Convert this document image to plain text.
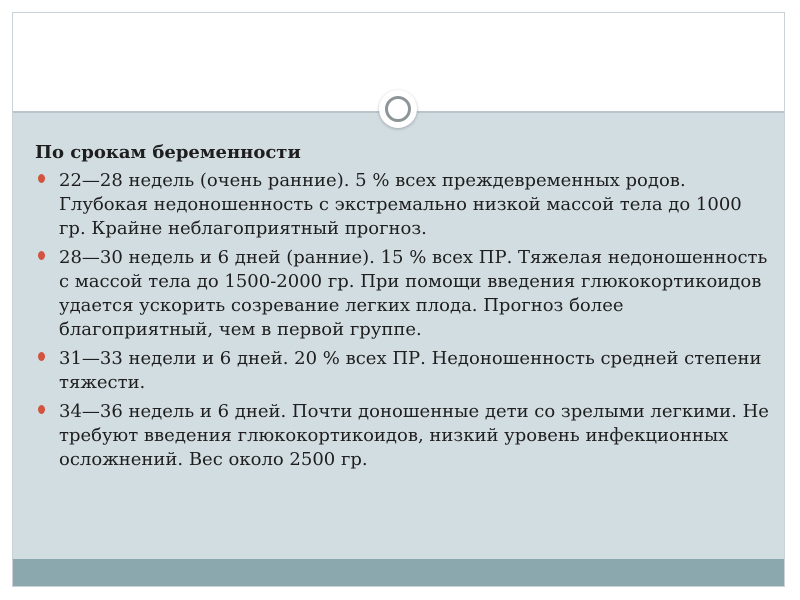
По срокам беременности
22—28 недель (очень ранние). 5 % всех преждевременных родов. Глубокая недоношенность с экстремально низкой массой тела до 1000 гр. Крайне неблагоприятный прогноз.
28—30 недель и 6 дней (ранние). 15 % всех ПР. Тяжелая недоношенность с массой тела до 1500-2000 гр. При помощи введения глюкокортикоидов удается ускорить созревание легких плода. Прогноз более благоприятный, чем в первой группе.
31—33 недели и 6 дней. 20 % всех ПР. Недоношенность средней степени тяжести.
34—36 недель и 6 дней. Почти доношенные дети со зрелыми легкими. Не требуют введения глюкокортикоидов, низкий уровень инфекционных осложнений. Вес около 2500 гр.
